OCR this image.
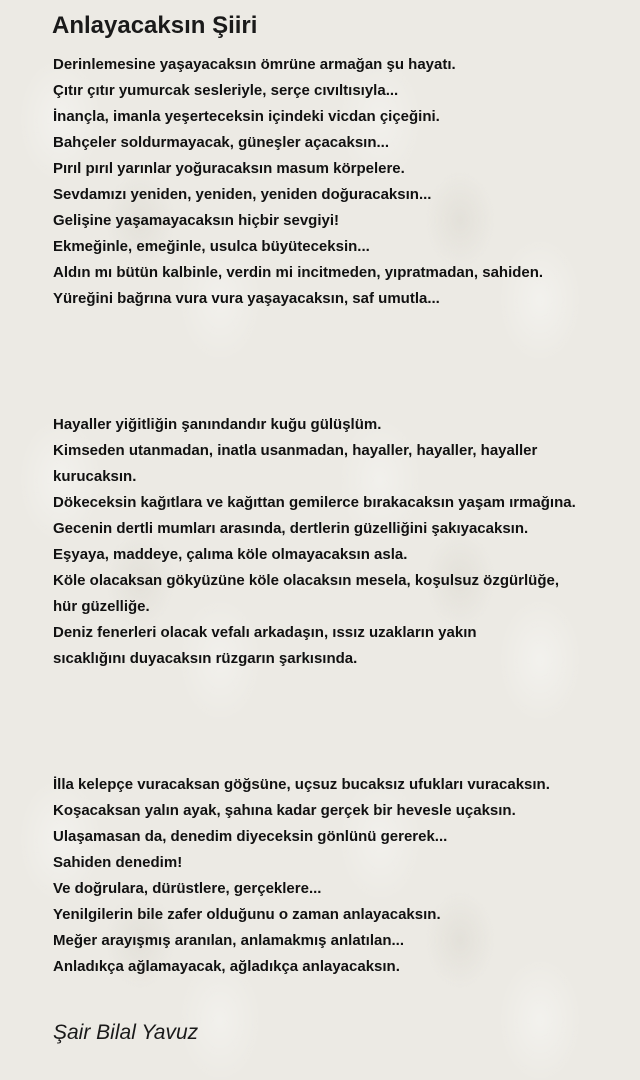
Anlayacaksın Şiiri
Derinlemesine yaşayacaksın ömrüne armağan şu hayatı.
Çıtır çıtır yumurcak sesleriyle, serçe cıvıltısıyla...
İnançla, imanla yeşerteceksin içindeki vicdan çiçeğini.
Bahçeler soldurmayacak, güneşler açacaksın...
Pırıl pırıl yarınlar yoğuracaksın masum körpelere.
Sevdamızı yeniden, yeniden, yeniden doğuracaksın...
Gelişine yaşamayacaksın hiçbir sevgiyi!
Ekmeğinle, emeğinle, usulca büyüteceksin...
Aldın mı bütün kalbinle, verdin mi incitmeden, yıpratmadan, sahiden.
Yüreğini bağrına vura vura yaşayacaksın, saf umutla...
Hayaller yiğitliğin şanındandır kuğu gülüşlüm.
Kimseden utanmadan, inatla usanmadan, hayaller, hayaller, hayaller
kurucaksın.
Dökeceksin kağıtlara ve kağıttan gemilerce bırakacaksın yaşam ırmağına.
Gecenin dertli mumları arasında, dertlerin güzelliğini şakıyacaksın.
Eşyaya, maddeye, çalıma köle olmayacaksın asla.
Köle olacaksan gökyüzüne köle olacaksın mesela, koşulsuz özgürlüğe,
hür güzelliğe.
Deniz fenerleri olacak vefalı arkadaşın, ıssız uzakların yakın
sıcaklığını duyacaksın rüzgarın şarkısında.
İlla kelepçe vuracaksan göğsüne, uçsuz bucaksız ufukları vuracaksın.
Koşacaksan yalın ayak, şahına kadar gerçek bir hevesle uçaksın.
Ulaşamasan da, denedim diyeceksin gönlünü gererek...
Sahiden denedim!
Ve doğrulara, dürüstlere, gerçeklere...
Yenilgilerin bile zafer olduğunu o zaman anlayacaksın.
Meğer arayışmış aranılan, anlamakmış anlatılan...
Anladıkça ağlamayacak, ağladıkça anlayacaksın.
Şair Bilal Yavuz
